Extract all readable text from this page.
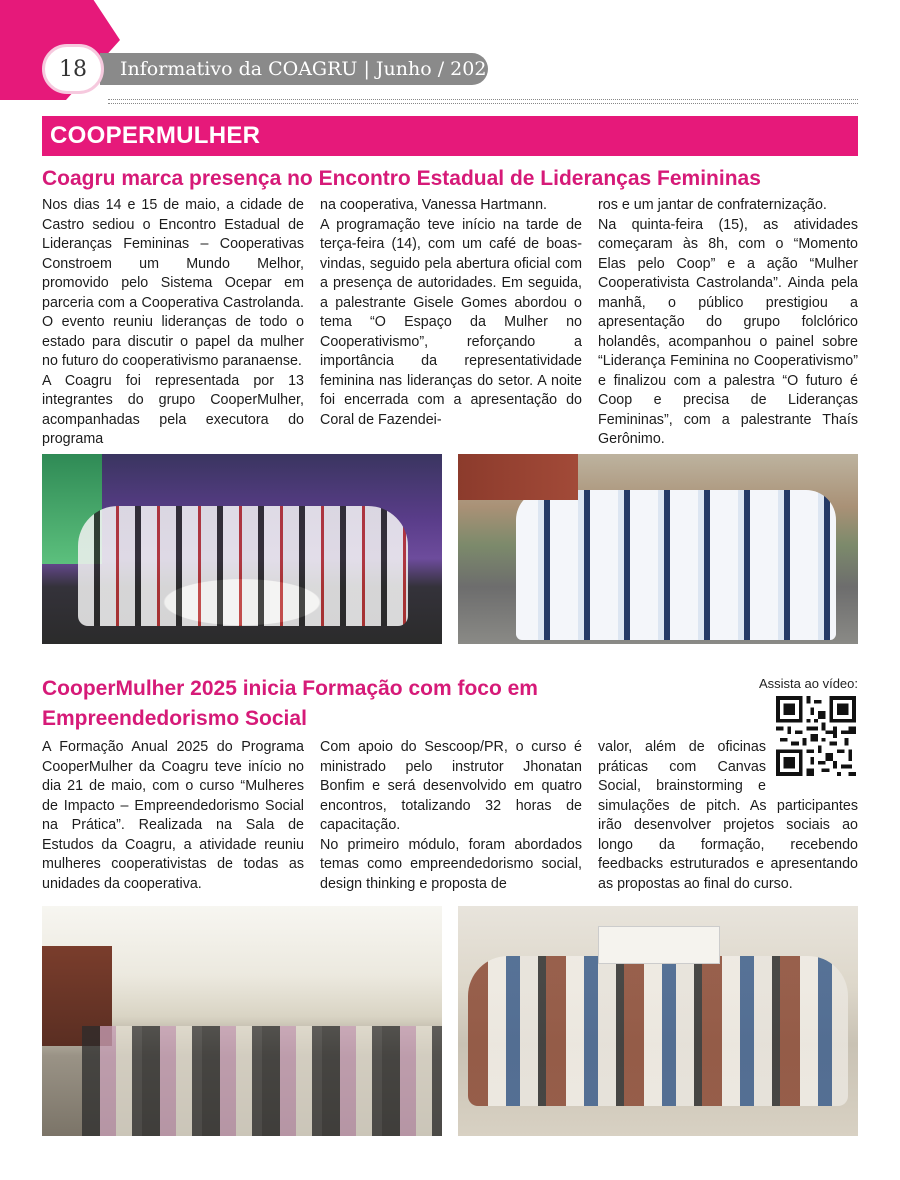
Informativo da COAGRU | Junho / 2025
18
COOPERMULHER
Coagru marca presença no Encontro Estadual de Lideranças Femininas

Nos dias 14 e 15 de maio, a cidade de Castro sediou o Encontro Estadual de Lideranças Femininas – Cooperativas Constroem um Mundo Melhor, promovido pelo Sistema Ocepar em parceria com a Cooperativa Castrolanda. O evento reuniu lideranças de todo o estado para discutir o papel da mulher no futuro do cooperativismo paranaense.

A Coagru foi representada por 13 integrantes do grupo CooperMulher, acompanhadas pela executora do programa

na cooperativa, Vanessa Hartmann.

A programação teve início na tarde de terça-feira (14), com um café de boas-vindas, seguido pela abertura oficial com a presença de autoridades. Em seguida, a palestrante Gisele Gomes abordou o tema “O Espaço da Mulher no Cooperativismo”, reforçando a importância da representatividade feminina nas lideranças do setor. A noite foi encerrada com a apresentação do Coral de Fazendei-

ros e um jantar de confraternização.

Na quinta-feira (15), as atividades começaram às 8h, com o “Momento Elas pelo Coop” e a ação “Mulher Cooperativista Castrolanda”. Ainda pela manhã, o público prestigiou a apresentação do grupo folclórico holandês, acompanhou o painel sobre “Liderança Feminina no Cooperativismo” e finalizou com a palestra “O futuro é Coop e precisa de Lideranças Femininas”, com a palestrante Thaís Gerônimo.

CooperMulher 2025 inicia Formação com foco em
Empreendedorismo Social
Assista ao vídeo:

A Formação Anual 2025 do Programa CooperMulher da Coagru teve início no dia 21 de maio, com o curso “Mulheres de Impacto – Empreendedorismo Social na Prática”. Realizada na Sala de Estudos da Coagru, a atividade reuniu mulheres cooperativistas de todas as unidades da cooperativa.

Com apoio do Sescoop/PR, o curso é ministrado pelo instrutor Jhonatan Bonfim e será desenvolvido em quatro encontros, totalizando 32 horas de capacitação.

No primeiro módulo, foram abordados temas como empreendedorismo social, design thinking e proposta de

valor, além de oficinas práticas com Canvas Social, brainstorming e simulações de pitch. As participantes irão desenvolver projetos sociais ao longo da formação, recebendo feedbacks estruturados e apresentando as propostas ao final do curso.
